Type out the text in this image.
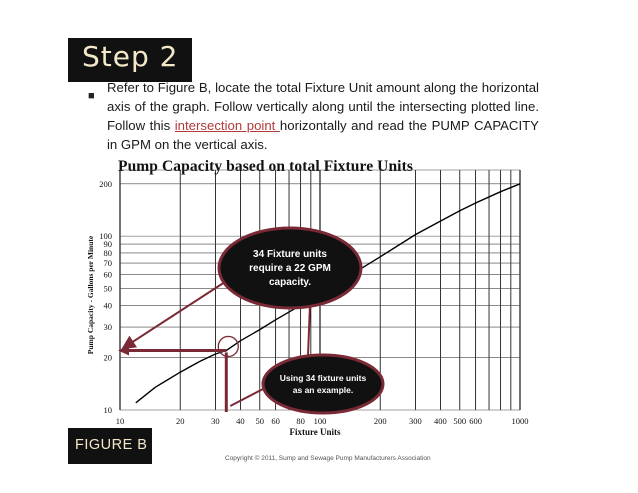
Step 2
■

Refer to Figure B, locate the total Fixture Unit amount along the horizontal axis of the graph. Follow vertically along until the intersecting plotted line. Follow this intersection point horizontally and read the PUMP CAPACITY in GPM on the vertical axis.

Pump Capacity based on total Fixture Units
10	20	30 40 50 60 80 100	200	300 400 500 600	1000
10
20
30
40
50
60
70
80
90
100
200
Fixture Units
Pump Capacity - Gallons per Minute	34 Fixture units
require a 22 GPM
capacity.
Using 34 fixture units
as an example.
FIGURE B
Copyright © 2011, Sump and Sewage Pump Manufacturers Association
